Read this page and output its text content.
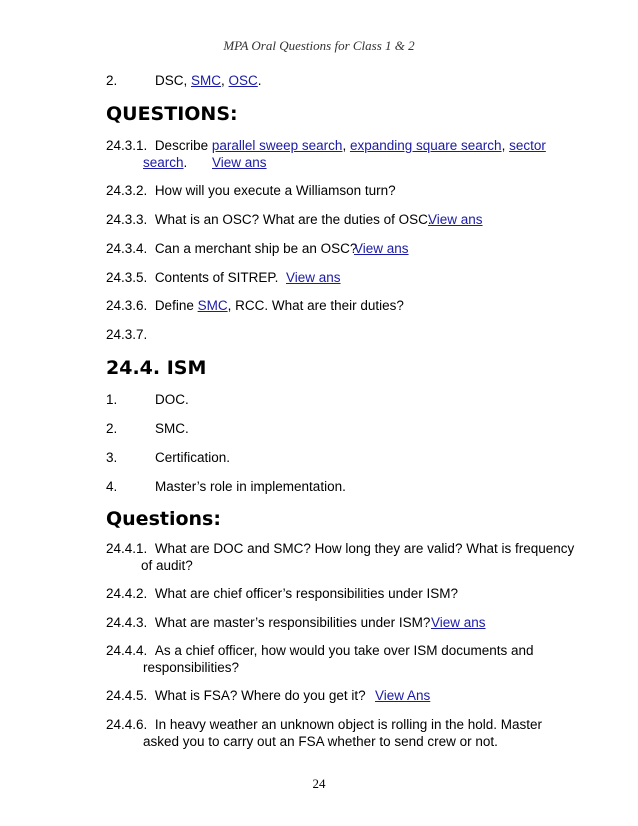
MPA Oral Questions for Class 1 & 2
2.	DSC, SMC, OSC.
QUESTIONS:
24.3.1. Describe parallel sweep search, expanding square search, sector
search. View ans
24.3.2. How will you execute a Williamson turn?
24.3.3. What is an OSC? What are the duties of OSC.
View ans
24.3.4. Can a merchant ship be an OSC?
View ans
24.3.5. Contents of SITREP. View ans
24.3.6. Define SMC, RCC. What are their duties?
24.3.7.
24.4. ISM
1.	DOC.
2.	SMC.
3.	Certification.
4.	Master’s role in implementation.
Questions:
24.4.1. What are DOC and SMC? How long they are valid? What is frequency
of audit?
24.4.2. What are chief officer’s responsibilities under ISM?
24.4.3. What are master’s responsibilities under ISM? View ans
24.4.4. As a chief officer, how would you take over ISM documents and
responsibilities?
24.4.5. What is FSA? Where do you get it? View Ans
24.4.6. In heavy weather an unknown object is rolling in the hold. Master
asked you to carry out an FSA whether to send crew or not.
24
